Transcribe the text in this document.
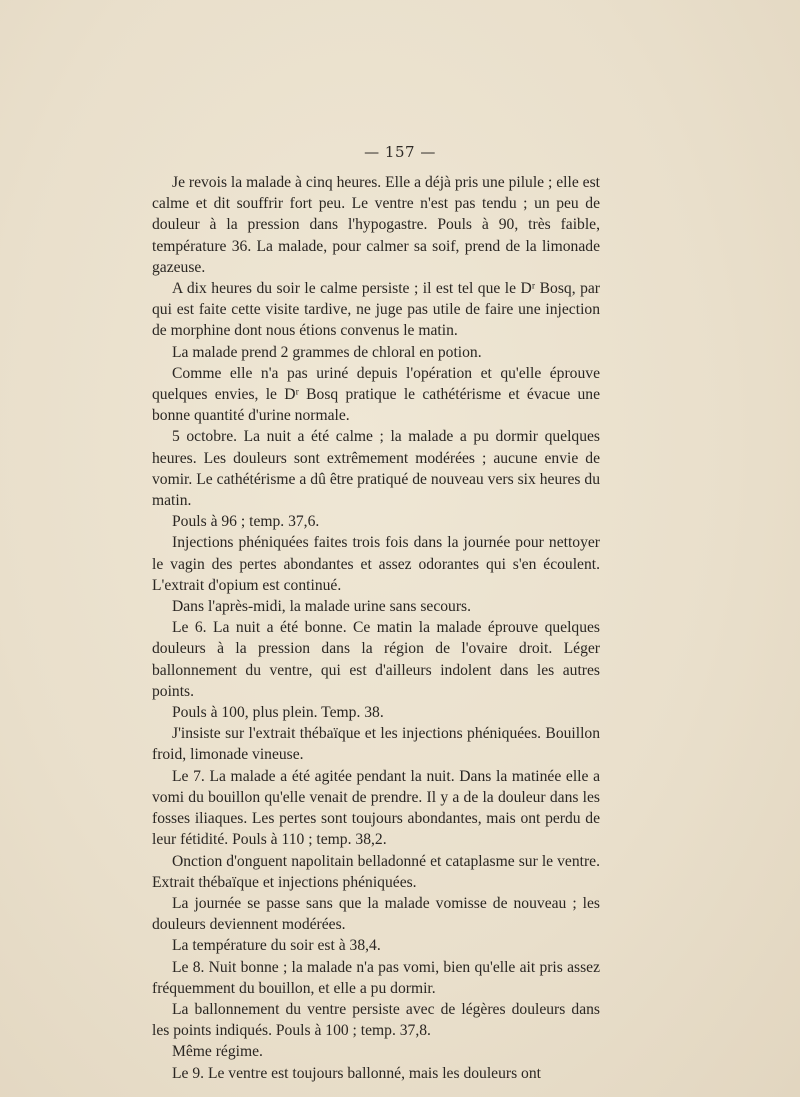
— 157 —

Je revois la malade à cinq heures. Elle a déjà pris une pilule ; elle est calme et dit souffrir fort peu. Le ventre n'est pas tendu ; un peu de douleur à la pression dans l'hypogastre. Pouls à 90, très faible, température 36. La malade, pour calmer sa soif, prend de la limonade gazeuse.

A dix heures du soir le calme persiste ; il est tel que le Dʳ Bosq, par qui est faite cette visite tardive, ne juge pas utile de faire une injection de morphine dont nous étions convenus le matin.

La malade prend 2 grammes de chloral en potion.

Comme elle n'a pas uriné depuis l'opération et qu'elle éprouve quelques envies, le Dʳ Bosq pratique le cathétérisme et évacue une bonne quantité d'urine normale.

5 octobre. La nuit a été calme ; la malade a pu dormir quelques heures. Les douleurs sont extrêmement modérées ; aucune envie de vomir. Le cathétérisme a dû être pratiqué de nouveau vers six heures du matin.

Pouls à 96 ; temp. 37,6.

Injections phéniquées faites trois fois dans la journée pour nettoyer le vagin des pertes abondantes et assez odorantes qui s'en écoulent. L'extrait d'opium est continué.

Dans l'après-midi, la malade urine sans secours.

Le 6. La nuit a été bonne. Ce matin la malade éprouve quelques douleurs à la pression dans la région de l'ovaire droit. Léger ballonnement du ventre, qui est d'ailleurs indolent dans les autres points.

Pouls à 100, plus plein. Temp. 38.

J'insiste sur l'extrait thébaïque et les injections phéniquées. Bouillon froid, limonade vineuse.

Le 7. La malade a été agitée pendant la nuit. Dans la matinée elle a vomi du bouillon qu'elle venait de prendre. Il y a de la douleur dans les fosses iliaques. Les pertes sont toujours abondantes, mais ont perdu de leur fétidité. Pouls à 110 ; temp. 38,2.

Onction d'onguent napolitain belladonné et cataplasme sur le ventre. Extrait thébaïque et injections phéniquées.

La journée se passe sans que la malade vomisse de nouveau ; les douleurs deviennent modérées.

La température du soir est à 38,4.

Le 8. Nuit bonne ; la malade n'a pas vomi, bien qu'elle ait pris assez fréquemment du bouillon, et elle a pu dormir.

La ballonnement du ventre persiste avec de légères douleurs dans les points indiqués. Pouls à 100 ; temp. 37,8.

Même régime.

Le 9. Le ventre est toujours ballonné, mais les douleurs ont
